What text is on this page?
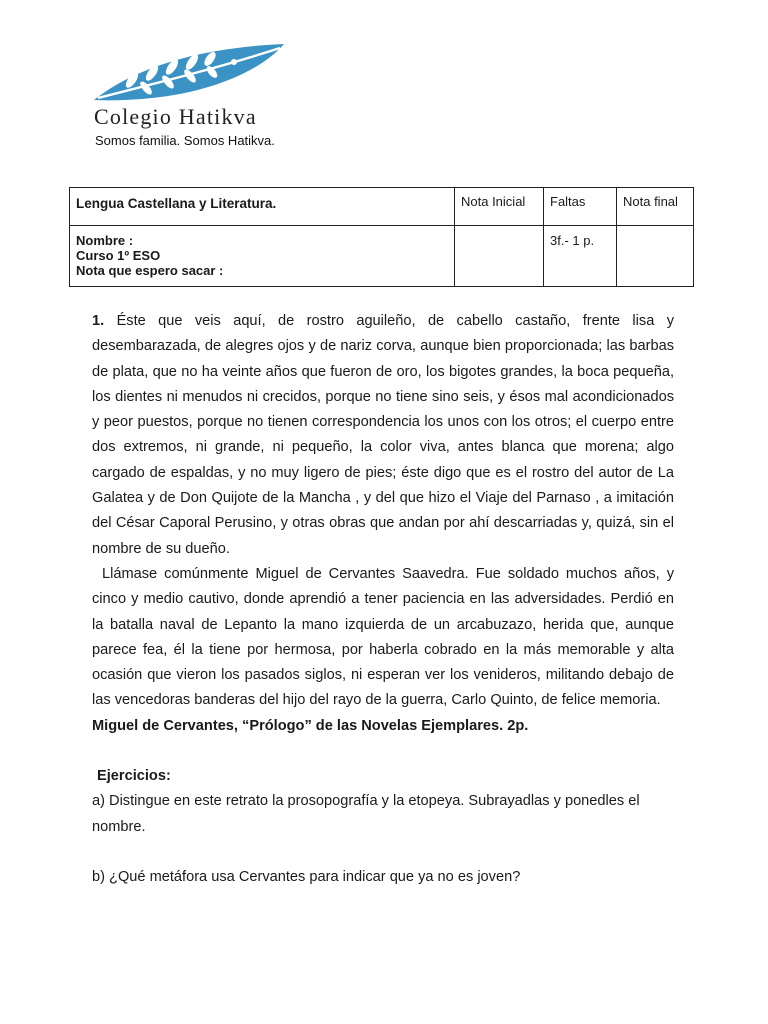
Colegio Hatikva
Somos familia. Somos Hatikva.
Lengua Castellana y Literatura.	Nota Inicial	Faltas	Nota final

Nombre :
Curso 1º ESO
Nota que espero sacar :		3f.- 1 p.	

1. Éste que veis aquí, de rostro aguileño, de cabello castaño, frente lisa y desembarazada, de alegres ojos y de nariz corva, aunque bien proporcionada; las barbas de plata, que no ha veinte años que fueron de oro, los bigotes grandes, la boca pequeña, los dientes ni menudos ni crecidos, porque no tiene sino seis, y ésos mal acondicionados y peor puestos, porque no tienen correspondencia los unos con los otros; el cuerpo entre dos extremos, ni grande, ni pequeño, la color viva, antes blanca que morena; algo cargado de espaldas, y no muy ligero de pies; éste digo que es el rostro del autor de La Galatea y de Don Quijote de la Mancha , y del que hizo el Viaje del Parnaso , a imitación del César Caporal Perusino, y otras obras que andan por ahí descarriadas y, quizá, sin el nombre de su dueño.

Llámase comúnmente Miguel de Cervantes Saavedra. Fue soldado muchos años, y cinco y medio cautivo, donde aprendió a tener paciencia en las adversidades. Perdió en la batalla naval de Lepanto la mano izquierda de un arcabuzazo, herida que, aunque parece fea, él la tiene por hermosa, por haberla cobrado en la más memorable y alta ocasión que vieron los pasados siglos, ni esperan ver los venideros, militando debajo de las vencedoras banderas del hijo del rayo de la guerra, Carlo Quinto, de felice memoria.

Miguel de Cervantes, “Prólogo” de las Novelas Ejemplares. 2p.

Ejercicios:

a) Distingue en este retrato la prosopografía y la etopeya. Subrayadlas y ponedles el nombre.

b) ¿Qué metáfora usa Cervantes para indicar que ya no es joven?
